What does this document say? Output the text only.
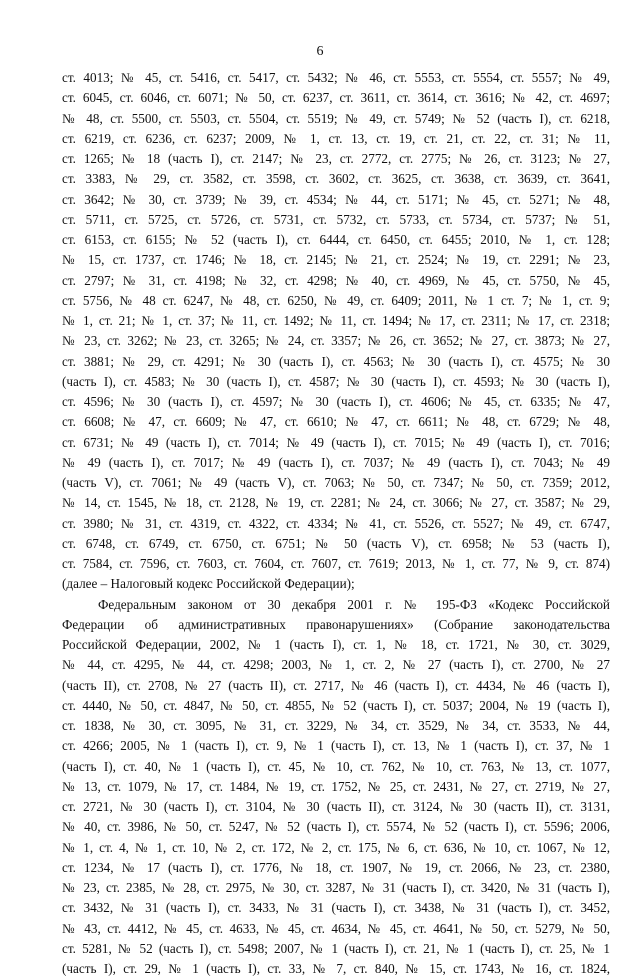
6

ст. 4013; № 45, ст. 5416, ст. 5417, ст. 5432; № 46, ст. 5553, ст. 5554, ст. 5557; № 49,
ст. 6045, ст. 6046, ст. 6071; № 50, ст. 6237, ст. 3611, ст. 3614, ст. 3616; № 42, ст. 4697;
№ 48, ст. 5500, ст. 5503, ст. 5504, ст. 5519; № 49, ст. 5749; № 52 (часть I), ст. 6218,
ст. 6219, ст. 6236, ст. 6237; 2009, № 1, ст. 13, ст. 19, ст. 21, ст. 22, ст. 31; № 11,
ст. 1265; № 18 (часть I), ст. 2147; № 23, ст. 2772, ст. 2775; № 26, ст. 3123; № 27,
ст. 3383, № 29, ст. 3582, ст. 3598, ст. 3602, ст. 3625, ст. 3638, ст. 3639, ст. 3641,
ст. 3642; № 30, ст. 3739; № 39, ст. 4534; № 44, ст. 5171; № 45, ст. 5271; № 48,
ст. 5711, ст. 5725, ст. 5726, ст. 5731, ст. 5732, ст. 5733, ст. 5734, ст. 5737; № 51,
ст. 6153, ст. 6155; № 52 (часть I), ст. 6444, ст. 6450, ст. 6455; 2010, № 1, ст. 128;
№ 15, ст. 1737, ст. 1746; № 18, ст. 2145; № 21, ст. 2524; № 19, ст. 2291; № 23,
ст. 2797; № 31, ст. 4198; № 32, ст. 4298; № 40, ст. 4969, № 45, ст. 5750, № 45,
ст. 5756, № 48 ст. 6247, № 48, ст. 6250, № 49, ст. 6409; 2011, № 1 ст. 7; № 1, ст. 9;
№ 1, ст. 21; № 1, ст. 37; № 11, ст. 1492; № 11, ст. 1494; № 17, ст. 2311; № 17, ст. 2318;
№ 23, ст. 3262; № 23, ст. 3265; № 24, ст. 3357; № 26, ст. 3652; № 27, ст. 3873; № 27,
ст. 3881; № 29, ст. 4291; № 30 (часть I), ст. 4563; № 30 (часть I), ст. 4575; № 30
(часть I), ст. 4583; № 30 (часть I), ст. 4587; № 30 (часть I), ст. 4593; № 30 (часть I),
ст. 4596; № 30 (часть I), ст. 4597; № 30 (часть I), ст. 4606; № 45, ст. 6335; № 47,
ст. 6608; № 47, ст. 6609; № 47, ст. 6610; № 47, ст. 6611; № 48, ст. 6729; № 48,
ст. 6731; № 49 (часть I), ст. 7014; № 49 (часть I), ст. 7015; № 49 (часть I), ст. 7016;
№ 49 (часть I), ст. 7017; № 49 (часть I), ст. 7037; № 49 (часть I), ст. 7043; № 49
(часть V), ст. 7061; № 49 (часть V), ст. 7063; № 50, ст. 7347; № 50, ст. 7359; 2012,
№ 14, ст. 1545, № 18, ст. 2128, № 19, ст. 2281; № 24, ст. 3066; № 27, ст. 3587; № 29,
ст. 3980; № 31, ст. 4319, ст. 4322, ст. 4334; № 41, ст. 5526, ст. 5527; № 49, ст. 6747,
ст. 6748, ст. 6749, ст. 6750, ст. 6751; № 50 (часть V), ст. 6958; № 53 (часть I),
ст. 7584, ст. 7596, ст. 7603, ст. 7604, ст. 7607, ст. 7619; 2013, № 1, ст. 77, № 9, ст. 874)
(далее – Налоговый кодекс Российской Федерации);

Федеральным законом от 30 декабря 2001 г. № 195-ФЗ «Кодекс Российской
Федерации об административных правонарушениях» (Собрание законодательства
Российской Федерации, 2002, № 1 (часть I), ст. 1, № 18, ст. 1721, № 30, ст. 3029,
№ 44, ст. 4295, № 44, ст. 4298; 2003, № 1, ст. 2, № 27 (часть I), ст. 2700, № 27
(часть II), ст. 2708, № 27 (часть II), ст. 2717, № 46 (часть I), ст. 4434, № 46 (часть I),
ст. 4440, № 50, ст. 4847, № 50, ст. 4855, № 52 (часть I), ст. 5037; 2004, № 19 (часть I),
ст. 1838, № 30, ст. 3095, № 31, ст. 3229, № 34, ст. 3529, № 34, ст. 3533, № 44,
ст. 4266; 2005, № 1 (часть I), ст. 9, № 1 (часть I), ст. 13, № 1 (часть I), ст. 37, № 1
(часть I), ст. 40, № 1 (часть I), ст. 45, № 10, ст. 762, № 10, ст. 763, № 13, ст. 1077,
№ 13, ст. 1079, № 17, ст. 1484, № 19, ст. 1752, № 25, ст. 2431, № 27, ст. 2719, № 27,
ст. 2721, № 30 (часть I), ст. 3104, № 30 (часть II), ст. 3124, № 30 (часть II), ст. 3131,
№ 40, ст. 3986, № 50, ст. 5247, № 52 (часть I), ст. 5574, № 52 (часть I), ст. 5596; 2006,
№ 1, ст. 4, № 1, ст. 10, № 2, ст. 172, № 2, ст. 175, № 6, ст. 636, № 10, ст. 1067, № 12,
ст. 1234, № 17 (часть I), ст. 1776, № 18, ст. 1907, № 19, ст. 2066, № 23, ст. 2380,
№ 23, ст. 2385, № 28, ст. 2975, № 30, ст. 3287, № 31 (часть I), ст. 3420, № 31 (часть I),
ст. 3432, № 31 (часть I), ст. 3433, № 31 (часть I), ст. 3438, № 31 (часть I), ст. 3452,
№ 43, ст. 4412, № 45, ст. 4633, № 45, ст. 4634, № 45, ст. 4641, № 50, ст. 5279, № 50,
ст. 5281, № 52 (часть I), ст. 5498; 2007, № 1 (часть I), ст. 21, № 1 (часть I), ст. 25, № 1
(часть I), ст. 29, № 1 (часть I), ст. 33, № 7, ст. 840, № 15, ст. 1743, № 16, ст. 1824,
